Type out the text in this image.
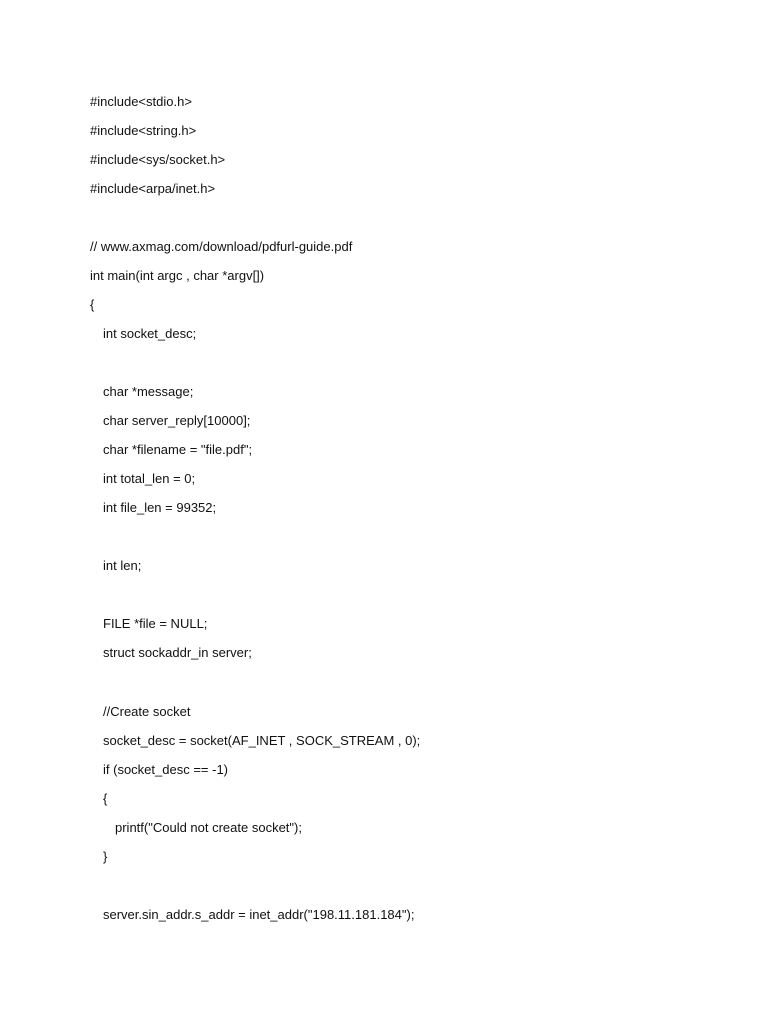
#include<stdio.h>
#include<string.h>
#include<sys/socket.h>
#include<arpa/inet.h>
// www.axmag.com/download/pdfurl-guide.pdf
int main(int argc , char *argv[])
{
int socket_desc;
char *message;
char server_reply[10000];
char *filename = "file.pdf";
int total_len = 0;
int file_len = 99352;
int len;
FILE *file = NULL;
struct sockaddr_in server;
//Create socket
socket_desc = socket(AF_INET , SOCK_STREAM , 0);
if (socket_desc == -1)
{
printf("Could not create socket");
}
server.sin_addr.s_addr = inet_addr("198.11.181.184");
